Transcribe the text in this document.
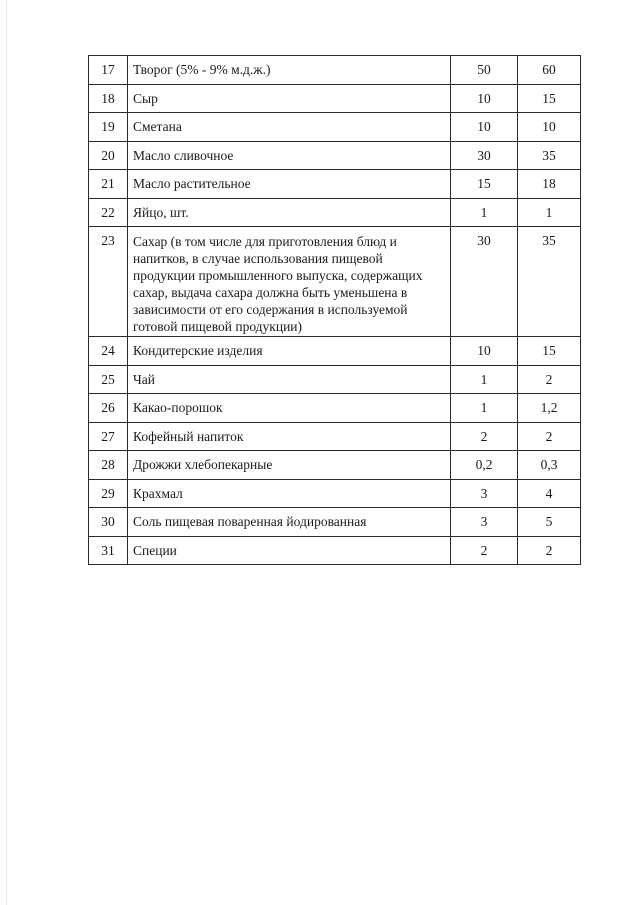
17	Творог (5% - 9% м.д.ж.)	50	60
18	Сыр	10	15
19	Сметана	10	10
20	Масло сливочное	30	35
21	Масло растительное	15	18
22	Яйцо, шт.	1	1
23	Сахар (в том числе для приготовления блюд и напитков, в случае использования пищевой продукции промышленного выпуска, содержащих сахар, выдача сахара должна быть уменьшена в зависимости от его содержания в используемой готовой пищевой продукции)	30	35
24	Кондитерские изделия	10	15
25	Чай	1	2
26	Какао-порошок	1	1,2
27	Кофейный напиток	2	2
28	Дрожжи хлебопекарные	0,2	0,3
29	Крахмал	3	4
30	Соль пищевая поваренная йодированная	3	5
31	Специи	2	2
